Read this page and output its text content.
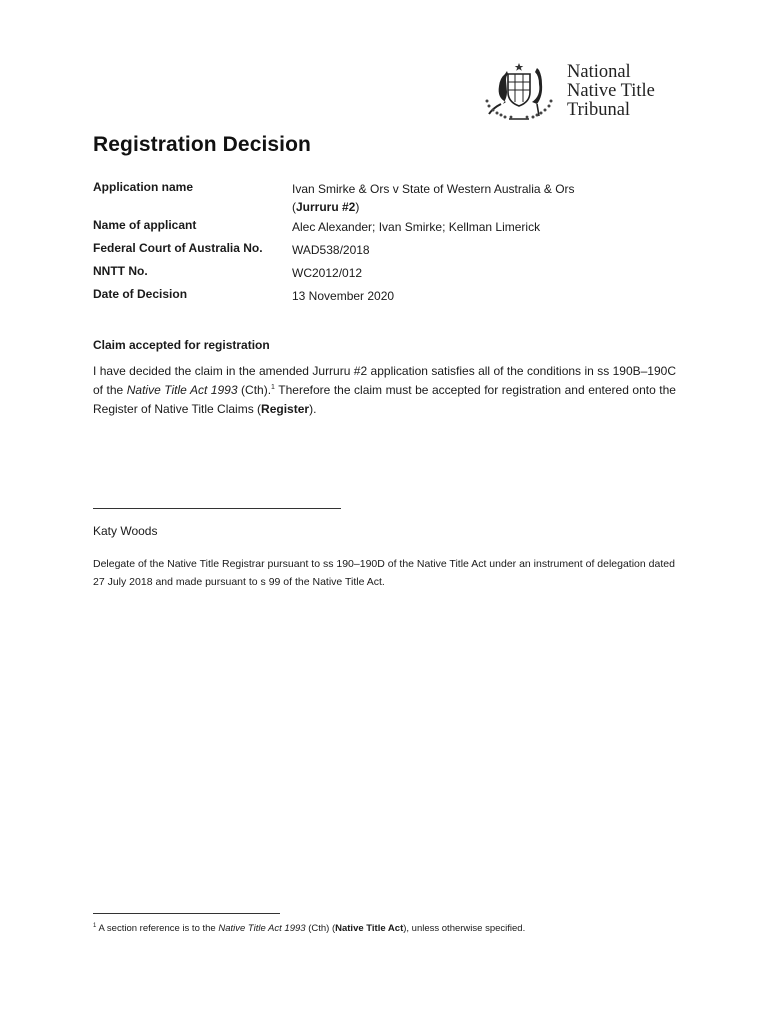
National
Native Title
Tribunal
Registration Decision
Application name	Ivan Smirke & Ors v State of Western Australia & Ors
(Jurruru #2)
Name of applicant	Alec Alexander; Ivan Smirke; Kellman Limerick
Federal Court of Australia No. WAD538/2018
NNTT No.	WC2012/012
Date of Decision	13 November 2020
Claim accepted for registration
I have decided the claim in the amended Jurruru #2 application satisfies all of the conditions in ss 190B–190C of the Native Title Act 1993 (Cth).$^1$ Therefore the claim must be accepted for registration and entered onto the Register of Native Title Claims (Register).
Katy Woods
Delegate of the Native Title Registrar pursuant to ss 190–190D of the Native Title Act under an instrument of delegation dated 27 July 2018 and made pursuant to s 99 of the Native Title Act.
$^1$ A section reference is to the Native Title Act 1993 (Cth) (Native Title Act), unless otherwise specified.
